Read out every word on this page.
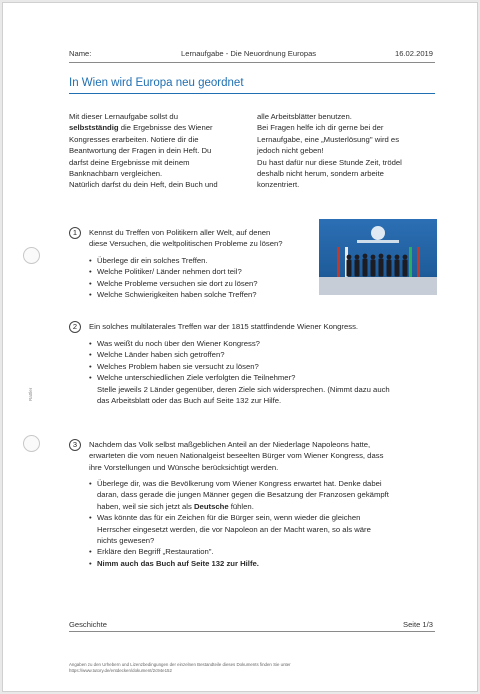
Name:	Lernaufgabe - Die Neuordnung Europas	16.02.2019
In Wien wird Europa neu geordnet
Mit dieser Lernaufgabe sollst du
selbstständig die Ergebnisse des Wiener
Kongresses erarbeiten. Notiere dir die
Beantwortung der Fragen in dein Heft. Du
darfst deine Ergebnisse mit deinem
Banknachbarn vergleichen.
Natürlich darfst du dein Heft, dein Buch und
alle Arbeitsblätter benutzen.
Bei Fragen helfe ich dir gerne bei der
Lernaufgabe, eine „Musterlösung" wird es
jedoch nicht geben!
Du hast dafür nur diese Stunde Zeit, trödel
deshalb nicht herum, sondern arbeite
konzentriert.
Rattler
1	Kennst du Treffen von Politikern aller Welt, auf denen
diese Versuchen, die weltpolitischen Probleme zu lösen?
• Überlege dir ein solches Treffen.
• Welche Politiker/ Länder nehmen dort teil?
• Welche Probleme versuchen sie dort zu lösen?
• Welche Schwierigkeiten haben solche Treffen?
2	Ein solches multilaterales Treffen war der 1815 stattfindende Wiener Kongress.
• Was weißt du noch über den Wiener Kongress?
• Welche Länder haben sich getroffen?
• Welches Problem haben sie versucht zu lösen?
• Welche unterschiedlichen Ziele verfolgten die Teilnehmer?
Stelle jeweils 2 Länder gegenüber, deren Ziele sich widersprechen. (Nimmt dazu auch
das Arbeitsblatt oder das Buch auf Seite 132 zur Hilfe.
3	Nachdem das Volk selbst maßgeblichen Anteil an der Niederlage Napoleons hatte,
erwarteten die vom neuen Nationalgeist beseelten Bürger vom Wiener Kongress, dass
ihre Vorstellungen und Wünsche berücksichtigt werden.
• Überlege dir, was die Bevölkerung vom Wiener Kongress erwartet hat. Denke dabei
daran, dass gerade die jungen Männer gegen die Besatzung der Franzosen gekämpft
haben, weil sie sich jetzt als Deutsche fühlen.
• Was könnte das für ein Zeichen für die Bürger sein, wenn wieder die gleichen
Herrscher eingesetzt werden, die vor Napoleon an der Macht waren, so als wäre
nichts gewesen?
• Erkläre den Begriff „Restauration".
• Nimm auch das Buch auf Seite 132 zur Hilfe.
Geschichte	Seite 1/3
Angaben zu den Urhebern und Lizenzbedingungen der einzelnen Bestandteile dieses Dokuments finden Sie unter
https://www.tutory.de/entdecken/dokument/2c94e152
